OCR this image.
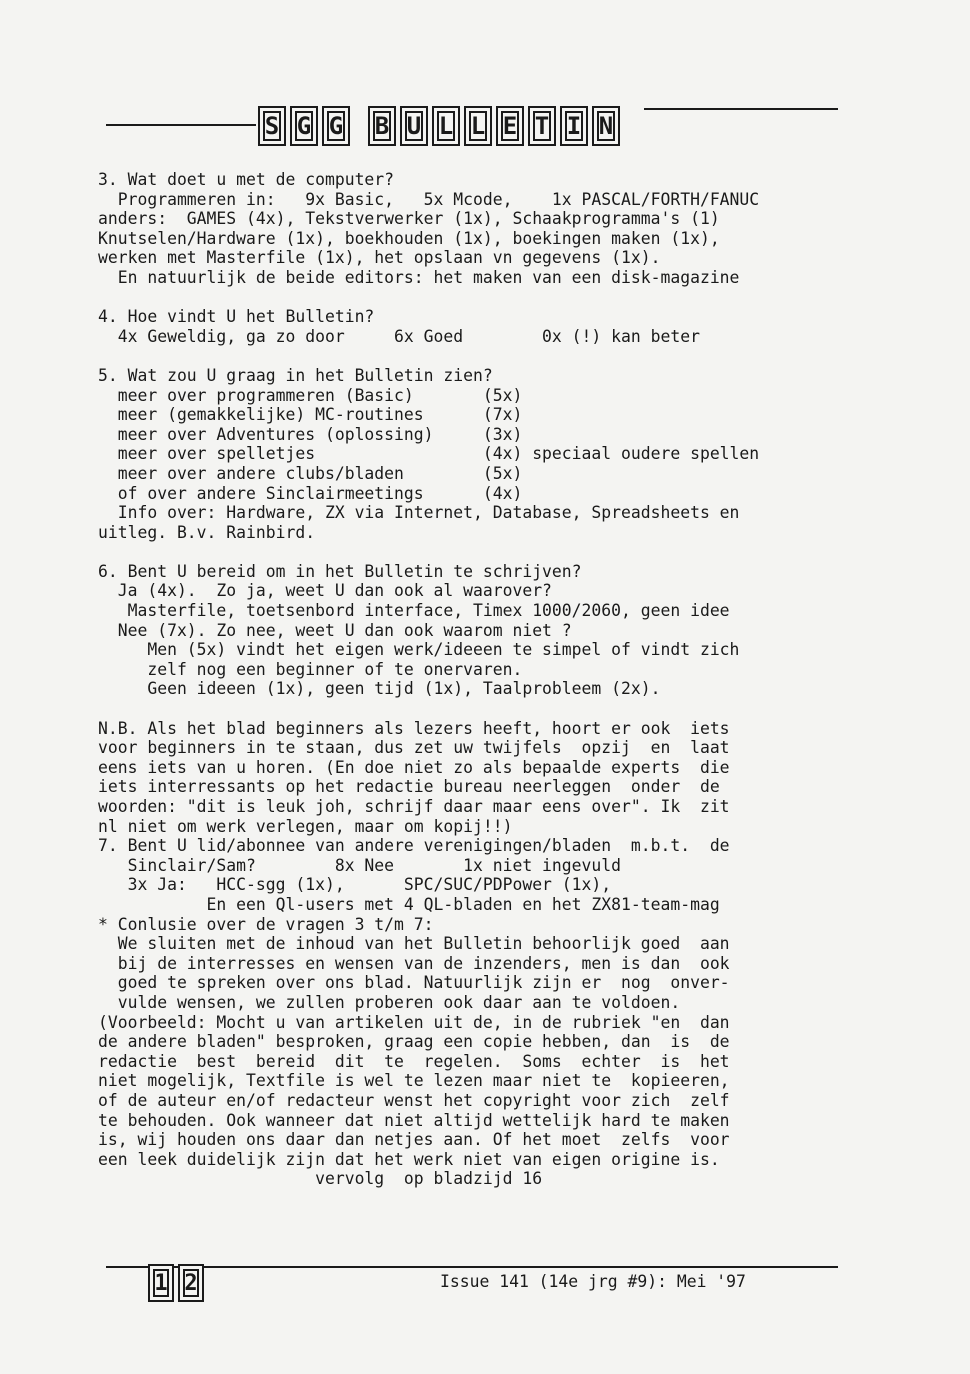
S G G B U L L E T I N
3. Wat doet u met de computer?
Programmeren in:   9x Basic,   5x Mcode,    1x PASCAL/FORTH/FANUC
anders:  GAMES (4x), Tekstverwerker (1x), Schaakprogramma's (1)
Knutselen/Hardware (1x), boekhouden (1x), boekingen maken (1x),
werken met Masterfile (1x), het opslaan vn gegevens (1x).
En natuurlijk de beide editors: het maken van een disk-magazine
4. Hoe vindt U het Bulletin?
4x Geweldig, ga zo door     6x Goed        0x (!) kan beter
5. Wat zou U graag in het Bulletin zien?
meer over programmeren (Basic)       (5x)
meer (gemakkelijke) MC-routines      (7x)
meer over Adventures (oplossing)     (3x)
meer over spelletjes                 (4x) speciaal oudere spellen
meer over andere clubs/bladen        (5x)
of over andere Sinclairmeetings      (4x)
Info over: Hardware, ZX via Internet, Database, Spreadsheets en
uitleg. B.v. Rainbird.
6. Bent U bereid om in het Bulletin te schrijven?
Ja (4x).  Zo ja, weet U dan ook al waarover?
Masterfile, toetsenbord interface, Timex 1000/2060, geen idee
Nee (7x). Zo nee, weet U dan ook waarom niet ?
Men (5x) vindt het eigen werk/ideeen te simpel of vindt zich
zelf nog een beginner of te onervaren.
Geen ideeen (1x), geen tijd (1x), Taalprobleem (2x).
N.B. Als het blad beginners als lezers heeft, hoort er ook  iets
voor beginners in te staan, dus zet uw twijfels  opzij  en  laat
eens iets van u horen. (En doe niet zo als bepaalde experts  die
iets interressants op het redactie bureau neerleggen  onder  de
woorden: "dit is leuk joh, schrijf daar maar eens over". Ik  zit
nl niet om werk verlegen, maar om kopij!!)
7. Bent U lid/abonnee van andere verenigingen/bladen  m.b.t.  de
Sinclair/Sam?        8x Nee       1x niet ingevuld
3x Ja:   HCC-sgg (1x),      SPC/SUC/PDPower (1x),
En een Ql-users met 4 QL-bladen en het ZX81-team-mag
* Conlusie over de vragen 3 t/m 7:
We sluiten met de inhoud van het Bulletin behoorlijk goed  aan
bij de interresses en wensen van de inzenders, men is dan  ook
goed te spreken over ons blad. Natuurlijk zijn er  nog  onver-
vulde wensen, we zullen proberen ook daar aan te voldoen.
(Voorbeeld: Mocht u van artikelen uit de, in de rubriek "en  dan
de andere bladen" besproken, graag een copie hebben, dan  is  de
redactie  best  bereid  dit  te  regelen.  Soms  echter  is  het
niet mogelijk, Textfile is wel te lezen maar niet te  kopieeren,
of de auteur en/of redacteur wenst het copyright voor zich  zelf
te behouden. Ook wanneer dat niet altijd wettelijk hard te maken
is, wij houden ons daar dan netjes aan. Of het moet  zelfs  voor
een leek duidelijk zijn dat het werk niet van eigen origine is.
vervolg  op bladzijd 16
1 2	Issue 141 (14e jrg #9): Mei '97
